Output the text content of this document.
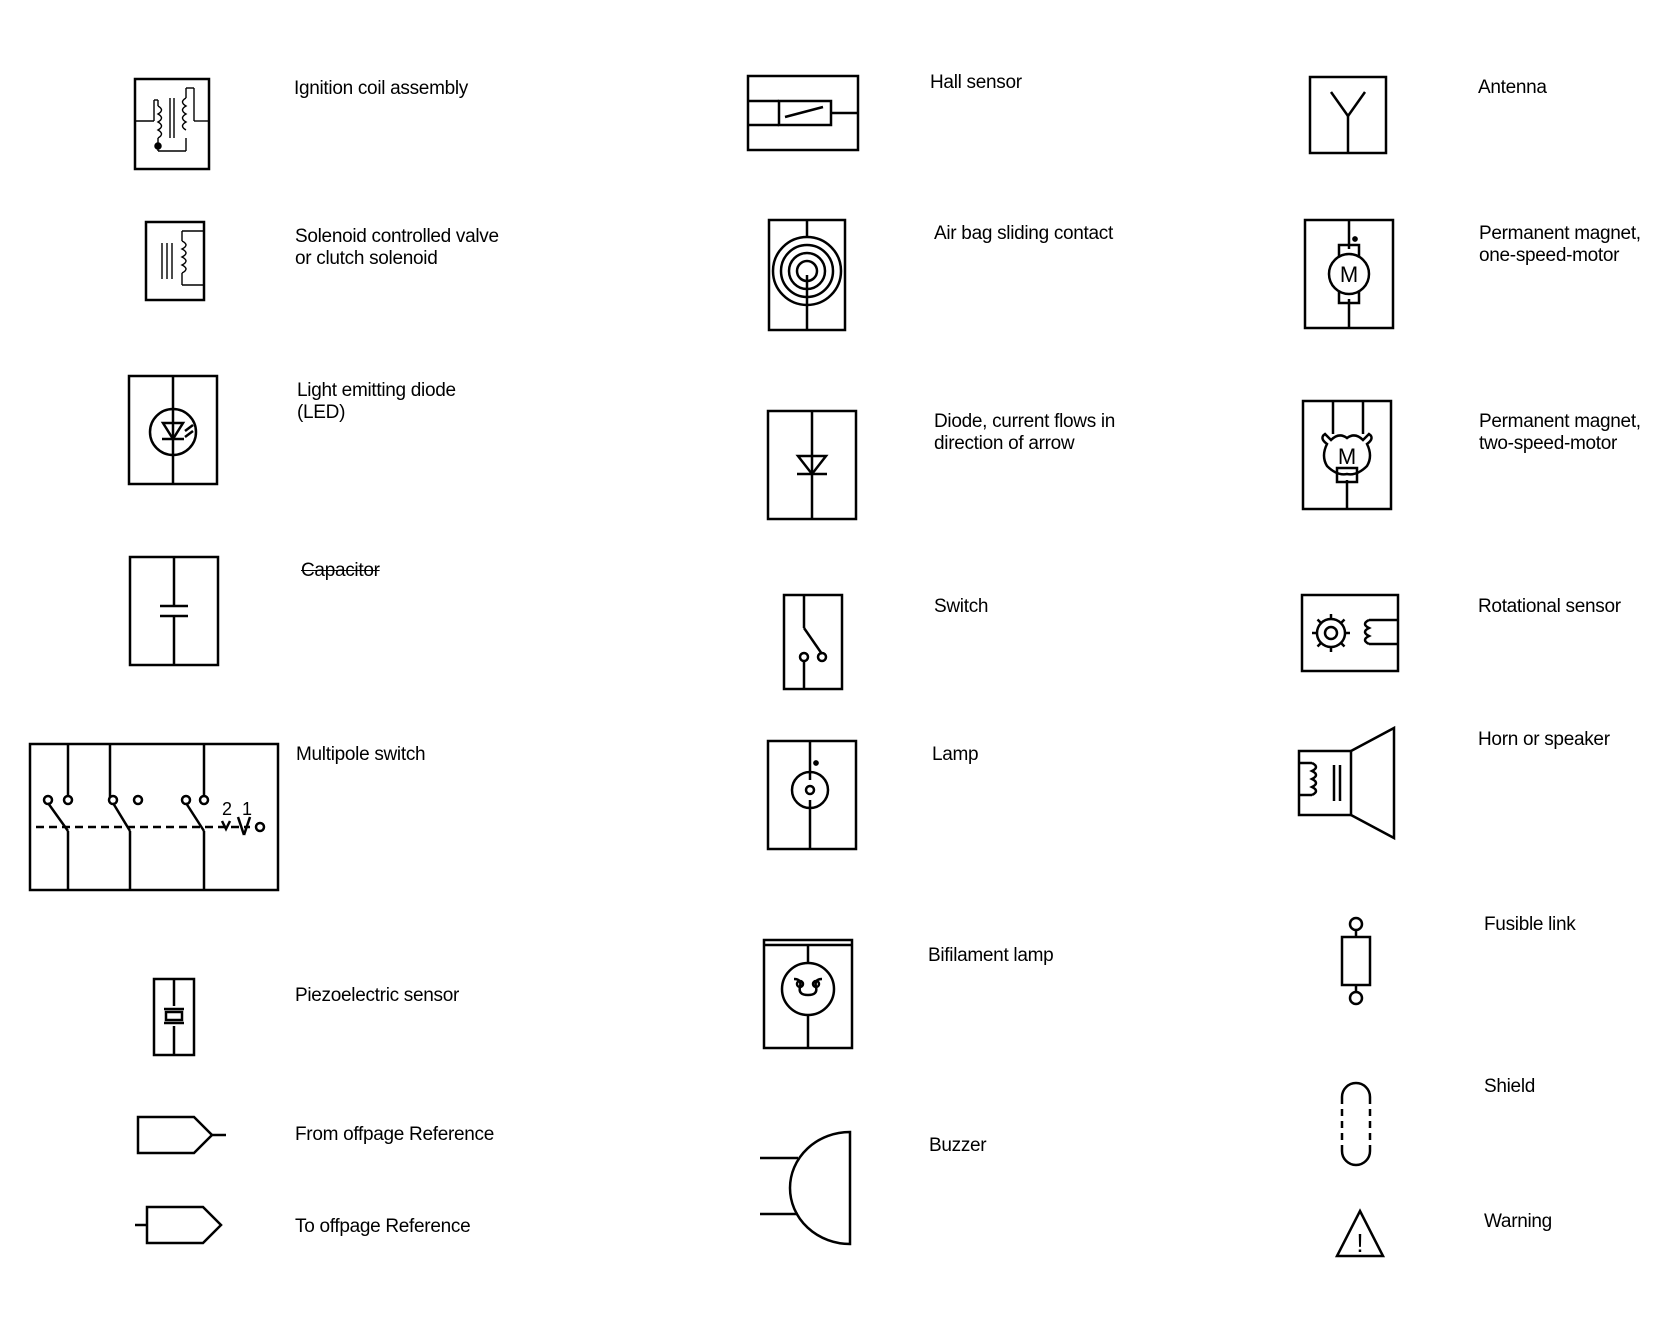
Ignition coil assembly
Solenoid controlled valve
or clutch solenoid
Light emitting diode
(LED)
Capacitor
2 1
Multipole switch
Piezoelectric sensor
From offpage Reference
To offpage Reference
Hall sensor
Air bag sliding contact
Diode, current flows in
direction of arrow
Switch
Lamp
Bifilament lamp
Buzzer
Antenna
M
Permanent magnet,
one-speed-motor
M
Permanent magnet,
two-speed-motor
Rotational sensor
Horn or speaker
Fusible link
Shield
!
Warning
